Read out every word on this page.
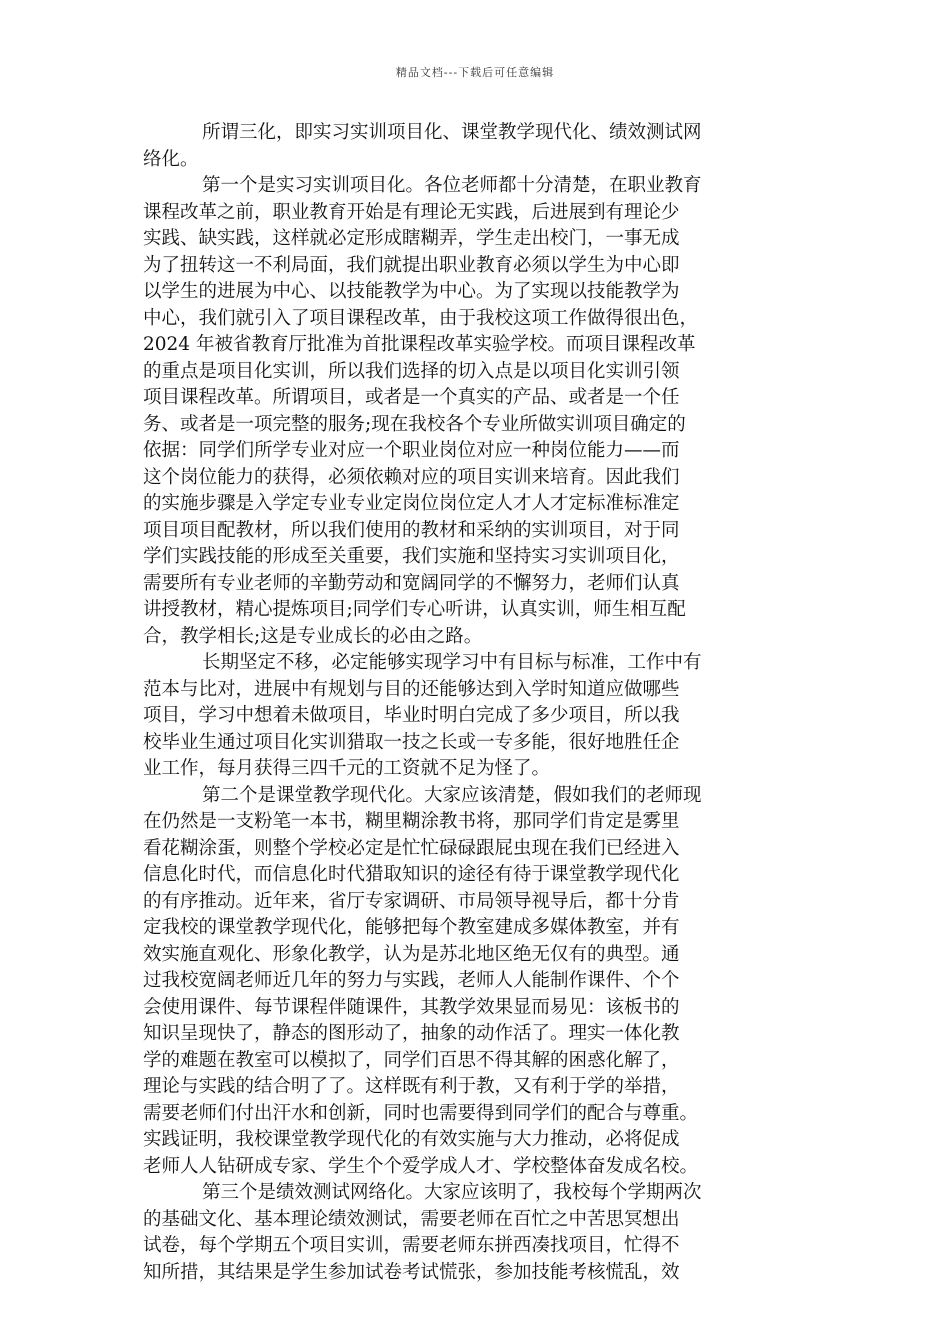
精品文档---下载后可任意编辑
所谓三化，即实习实训项目化、课堂教学现代化、绩效测试网
络化。
第一个是实习实训项目化。各位老师都十分清楚，在职业教育
课程改革之前，职业教育开始是有理论无实践，后进展到有理论少
实践、缺实践，这样就必定形成瞎糊弄，学生走出校门，一事无成
为了扭转这一不利局面，我们就提出职业教育必须以学生为中心即
以学生的进展为中心、以技能教学为中心。为了实现以技能教学为
中心，我们就引入了项目课程改革，由于我校这项工作做得很出色，
2024 年被省教育厅批准为首批课程改革实验学校。而项目课程改革
的重点是项目化实训，所以我们选择的切入点是以项目化实训引领
项目课程改革。所谓项目，或者是一个真实的产品、或者是一个任
务、或者是一项完整的服务;现在我校各个专业所做实训项目确定的
依据：同学们所学专业对应一个职业岗位对应一种岗位能力——而
这个岗位能力的获得，必须依赖对应的项目实训来培育。因此我们
的实施步骤是入学定专业专业定岗位岗位定人才人才定标准标准定
项目项目配教材，所以我们使用的教材和采纳的实训项目，对于同
学们实践技能的形成至关重要，我们实施和坚持实习实训项目化，
需要所有专业老师的辛勤劳动和宽阔同学的不懈努力，老师们认真
讲授教材，精心提炼项目;同学们专心听讲，认真实训，师生相互配
合，教学相长;这是专业成长的必由之路。
长期坚定不移，必定能够实现学习中有目标与标准，工作中有
范本与比对，进展中有规划与目的还能够达到入学时知道应做哪些
项目，学习中想着未做项目，毕业时明白完成了多少项目，所以我
校毕业生通过项目化实训猎取一技之长或一专多能，很好地胜任企
业工作，每月获得三四千元的工资就不足为怪了。
第二个是课堂教学现代化。大家应该清楚，假如我们的老师现
在仍然是一支粉笔一本书，糊里糊涂教书将，那同学们肯定是雾里
看花糊涂蛋，则整个学校必定是忙忙碌碌跟屁虫现在我们已经进入
信息化时代，而信息化时代猎取知识的途径有待于课堂教学现代化
的有序推动。近年来，省厅专家调研、市局领导视导后，都十分肯
定我校的课堂教学现代化，能够把每个教室建成多媒体教室，并有
效实施直观化、形象化教学，认为是苏北地区绝无仅有的典型。通
过我校宽阔老师近几年的努力与实践，老师人人能制作课件、个个
会使用课件、每节课程伴随课件，其教学效果显而易见：该板书的
知识呈现快了，静态的图形动了，抽象的动作活了。理实一体化教
学的难题在教室可以模拟了，同学们百思不得其解的困惑化解了，
理论与实践的结合明了了。这样既有利于教，又有利于学的举措，
需要老师们付出汗水和创新，同时也需要得到同学们的配合与尊重。
实践证明，我校课堂教学现代化的有效实施与大力推动，必将促成
老师人人钻研成专家、学生个个爱学成人才、学校整体奋发成名校。
第三个是绩效测试网络化。大家应该明了，我校每个学期两次
的基础文化、基本理论绩效测试，需要老师在百忙之中苦思冥想出
试卷，每个学期五个项目实训，需要老师东拼西凑找项目，忙得不
知所措，其结果是学生参加试卷考试慌张，参加技能考核慌乱，效
